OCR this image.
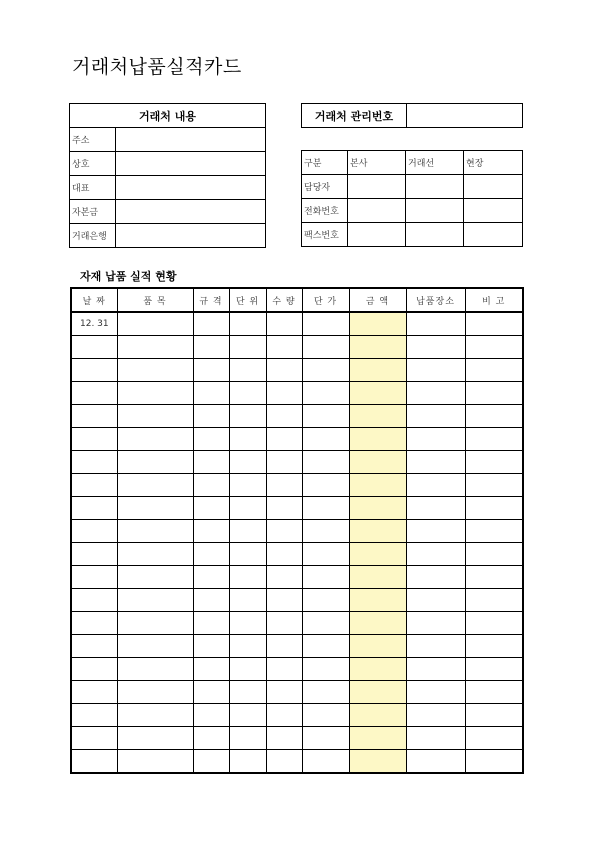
거래처납품실적카드
거래처 내용	
주소	
상호	
대표	
자본금	
거래은행	
거래처 관리번호	
구분	본사	거래선	현장
담당자			
전화번호			
팩스번호			
자재 납품 실적 현황
날 짜	품 목	규 격	단 위	수 량	단 가	금 액	납품장소	비 고
12. 31								
